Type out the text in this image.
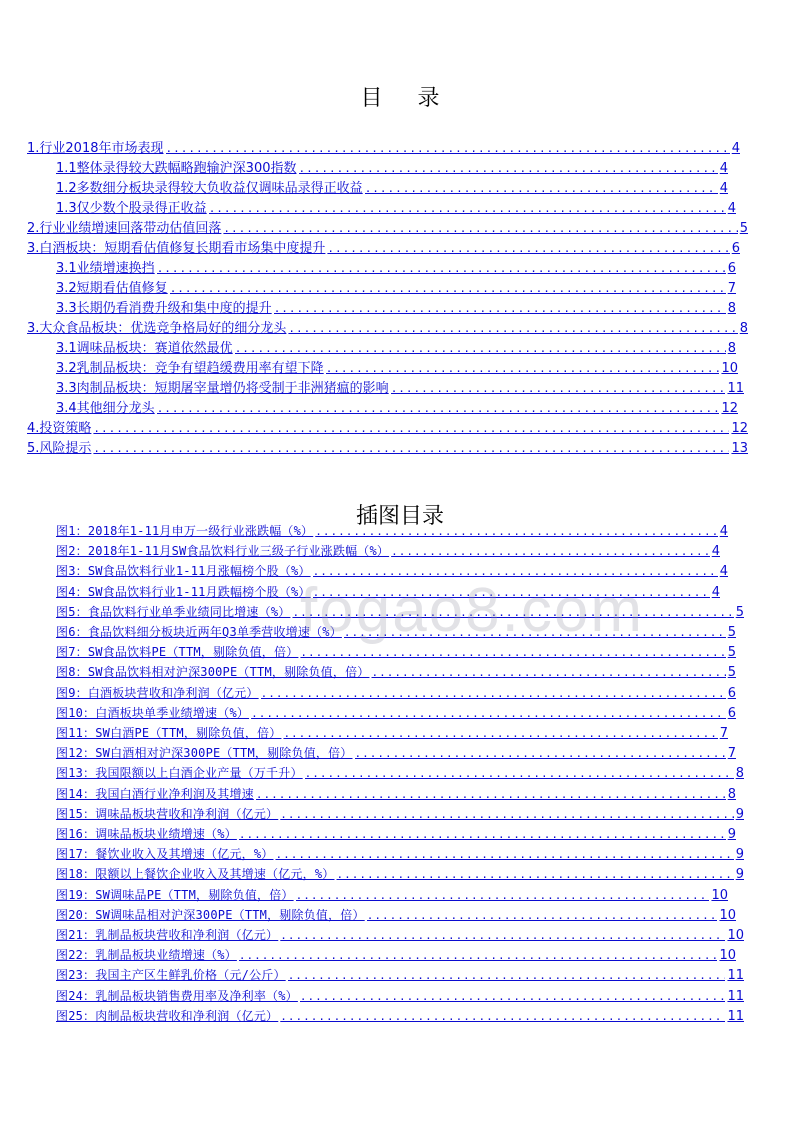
目 录
1.行业2018年市场表现 .....	4
1.1整体录得较大跌幅略跑输沪深300指数 .....	4
1.2多数细分板块录得较大负收益仅调味品录得正收益 .....	4
1.3仅少数个股录得正收益 .....	4
2.行业业绩增速回落带动估值回落 .....	5
3.白酒板块：短期看估值修复长期看市场集中度提升 .....	6
3.1业绩增速换挡 .....	6
3.2短期看估值修复 .....	7
3.3长期仍看消费升级和集中度的提升 .....	8
3.大众食品板块：优选竞争格局好的细分龙头 .....	8
3.1调味品板块：赛道依然最优 .....	8
3.2乳制品板块：竞争有望趋缓费用率有望下降 .....	10
3.3肉制品板块：短期屠宰量增仍将受制于非洲猪瘟的影响 .....	11
3.4其他细分龙头 .....	12
4.投资策略 .....	12
5.风险提示 .....	13
插图目录
图1：2018年1-11月申万一级行业涨跌幅（%） .....	4
图2：2018年1-11月SW食品饮料行业三级子行业涨跌幅（%） .....	4
图3：SW食品饮料行业1-11月涨幅榜个股（%） .....	4
图4：SW食品饮料行业1-11月跌幅榜个股（%） .....	4
图5：食品饮料行业单季业绩同比增速（%） .....	5
图6：食品饮料细分板块近两年Q3单季营收增速（%） .....	5
图7：SW食品饮料PE（TTM，剔除负值，倍） .....	5
图8：SW食品饮料相对沪深300PE（TTM，剔除负值，倍） .....	5
图9：白酒板块营收和净利润（亿元） .....	6
图10：白酒板块单季业绩增速（%） .....	6
图11：SW白酒PE（TTM，剔除负值，倍） .....	7
图12：SW白酒相对沪深300PE（TTM，剔除负值，倍） .....	7
图13：我国限额以上白酒企业产量（万千升） .....	8
图14：我国白酒行业净利润及其增速 .....	8
图15：调味品板块营收和净利润（亿元） .....	9
图16：调味品板块业绩增速（%） .....	9
图17：餐饮业收入及其增速（亿元，%） .....	9
图18：限额以上餐饮企业收入及其增速（亿元，%） .....	9
图19：SW调味品PE（TTM，剔除负值，倍） .....	10
图20：SW调味品相对沪深300PE（TTM，剔除负值，倍） .....	10
图21：乳制品板块营收和净利润（亿元） .....	10
图22：乳制品板块业绩增速（%） .....	10
图23：我国主产区生鲜乳价格（元/公斤） .....	11
图24：乳制品板块销售费用率及净利率（%） .....	11
图25：肉制品板块营收和净利润（亿元） .....	11
fogao8.com
